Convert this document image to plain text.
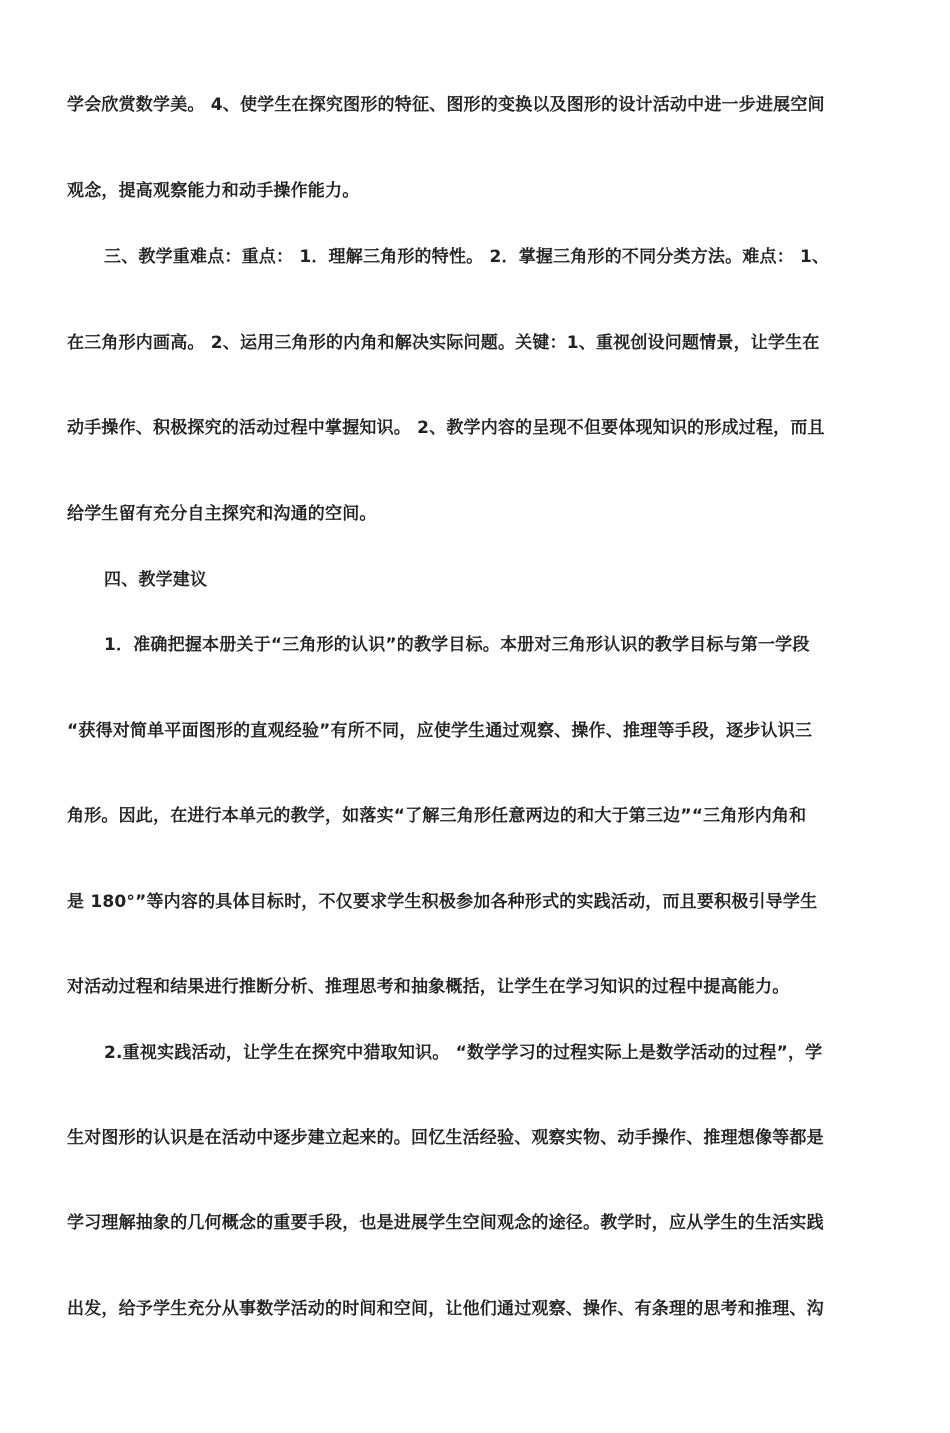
学会欣赏数学美。 4、使学生在探究图形的特征、图形的变换以及图形的设计活动中进一步进展空间
观念，提高观察能力和动手操作能力。
三、教学重难点：重点： 1．理解三角形的特性。 2．掌握三角形的不同分类方法。难点： 1、
在三角形内画高。 2、运用三角形的内角和解决实际问题。关键：1、重视创设问题情景，让学生在
动手操作、积极探究的活动过程中掌握知识。 2、教学内容的呈现不但要体现知识的形成过程，而且
给学生留有充分自主探究和沟通的空间。
四、教学建议
1．准确把握本册关于“三角形的认识”的教学目标。本册对三角形认识的教学目标与第一学段
“获得对简单平面图形的直观经验”有所不同，应使学生通过观察、操作、推理等手段，逐步认识三
角形。因此，在进行本单元的教学，如落实“了解三角形任意两边的和大于第三边”“三角形内角和
是 180°”等内容的具体目标时，不仅要求学生积极参加各种形式的实践活动，而且要积极引导学生
对活动过程和结果进行推断分析、推理思考和抽象概括，让学生在学习知识的过程中提高能力。
2.重视实践活动，让学生在探究中猎取知识。 “数学学习的过程实际上是数学活动的过程”，学
生对图形的认识是在活动中逐步建立起来的。回忆生活经验、观察实物、动手操作、推理想像等都是
学习理解抽象的几何概念的重要手段，也是进展学生空间观念的途径。教学时，应从学生的生活实践
出发，给予学生充分从事数学活动的时间和空间，让他们通过观察、操作、有条理的思考和推理、沟
